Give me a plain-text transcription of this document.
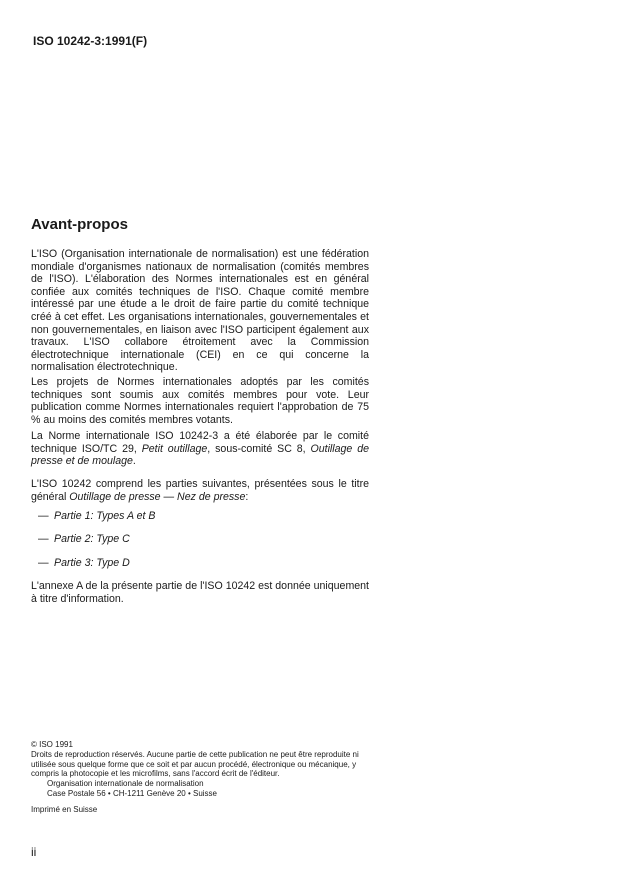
ISO 10242-3:1991(F)
Avant-propos
L'ISO (Organisation internationale de normalisation) est une fédération mondiale d'organismes nationaux de normalisation (comités membres de l'ISO). L'élaboration des Normes internationales est en général confiée aux comités techniques de l'ISO. Chaque comité membre intéressé par une étude a le droit de faire partie du comité technique créé à cet effet. Les organisations internationales, gouvernementales et non gouvernementales, en liaison avec l'ISO participent également aux travaux. L'ISO collabore étroitement avec la Commission électrotechnique internationale (CEI) en ce qui concerne la normalisation électrotechnique.
Les projets de Normes internationales adoptés par les comités techniques sont soumis aux comités membres pour vote. Leur publication comme Normes internationales requiert l'approbation de 75 % au moins des comités membres votants.
La Norme internationale ISO 10242-3 a été élaborée par le comité technique ISO/TC 29, Petit outillage, sous-comité SC 8, Outillage de presse et de moulage.
L'ISO 10242 comprend les parties suivantes, présentées sous le titre général Outillage de presse — Nez de presse:
— Partie 1: Types A et B
— Partie 2: Type C
— Partie 3: Type D
L'annexe A de la présente partie de l'ISO 10242 est donnée uniquement à titre d'information.
© ISO 1991
Droits de reproduction réservés. Aucune partie de cette publication ne peut être reproduite ni utilisée sous quelque forme que ce soit et par aucun procédé, électronique ou mécanique, y compris la photocopie et les microfilms, sans l'accord écrit de l'éditeur.
Organisation internationale de normalisation
Case Postale 56 • CH-1211 Genève 20 • Suisse
Imprimé en Suisse
ii
